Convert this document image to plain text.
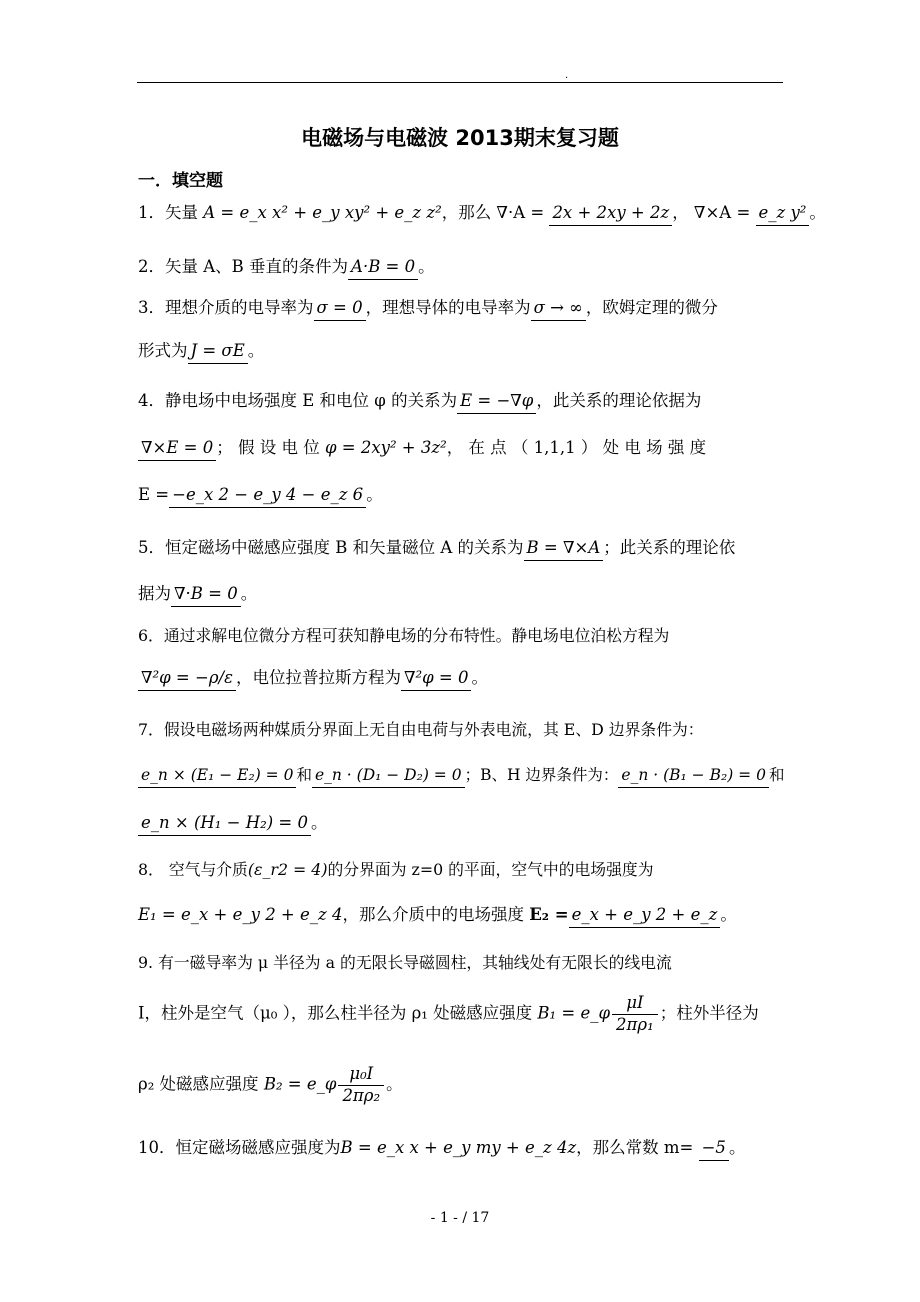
.
电磁场与电磁波 2013期末复习题
一．填空题
1．矢量 A = e_x x² + e_y xy² + e_z z²，那么 ∇·A = 2x + 2xy + 2z ， ∇×A = e_z y² 。
2．矢量 A、B 垂直的条件为 A·B = 0 。
3．理想介质的电导率为 σ = 0 ，理想导体的电导率为 σ → ∞ ，欧姆定理的微分
形式为 J = σE 。
4．静电场中电场强度 E 和电位 φ 的关系为 E = −∇φ ，此关系的理论依据为
∇×E = 0 ； 假 设 电 位 φ = 2xy² + 3z²， 在 点 （ 1,1,1 ） 处 电 场 强 度
E = −e_x 2 − e_y 4 − e_z 6 。
5．恒定磁场中磁感应强度 B 和矢量磁位 A 的关系为 B = ∇×A ；此关系的理论依
据为 ∇·B = 0 。
6．通过求解电位微分方程可获知静电场的分布特性。静电场电位泊松方程为
∇²φ = −ρ/ε ，电位拉普拉斯方程为 ∇²φ = 0 。
7．假设电磁场两种媒质分界面上无自由电荷与外表电流，其 E、D 边界条件为：
e_n × (E₁ − E₂) = 0 和 e_n · (D₁ − D₂) = 0 ；B、H 边界条件为： e_n · (B₁ − B₂) = 0 和
e_n × (H₁ − H₂) = 0 。
8． 空气与介质(ε_r2 = 4)的分界面为 z=0 的平面，空气中的电场强度为
E₁ = e_x + e_y 2 + e_z 4，那么介质中的电场强度 E₂ = e_x + e_y 2 + e_z 。
9. 有一磁导率为 μ 半径为 a 的无限长导磁圆柱，其轴线处有无限长的线电流
I，柱外是空气（μ₀ ），那么柱半径为 ρ₁ 处磁感应强度 B₁ = e_φ $\frac{\mu I}{\text{2πρ₁}}$ ；柱外半径为
ρ₂ 处磁感应强度 B₂ = e_φ $\frac{\text{μ₀I}}{\text{2πρ₂}}$ 。
10．恒定磁场磁感应强度为B = e_x x + e_y my + e_z 4z，那么常数 m= −5 。
- 1 - / 17
